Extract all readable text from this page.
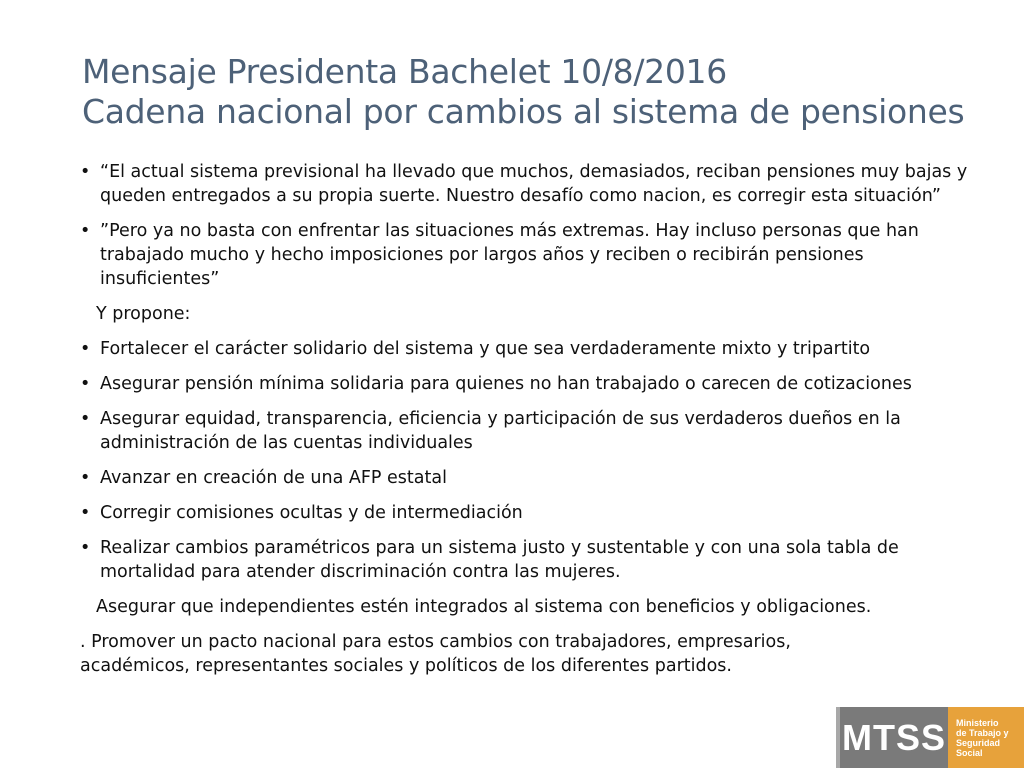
Mensaje Presidenta Bachelet 10/8/2016
Cadena nacional por cambios al sistema de pensiones
• “El actual sistema previsional ha llevado que muchos, demasiados, reciban pensiones muy bajas y queden entregados a su propia suerte. Nuestro desafío como nacion, es corregir esta situación”
• ”Pero ya no basta con enfrentar las situaciones más extremas. Hay incluso personas que han trabajado mucho y hecho imposiciones por largos años y reciben o recibirán pensiones insuficientes”
Y propone:
• Fortalecer el carácter solidario del sistema y que sea verdaderamente mixto y tripartito
• Asegurar pensión mínima solidaria para quienes no han trabajado o carecen de cotizaciones
• Asegurar equidad, transparencia, eficiencia y participación de sus verdaderos dueños en la administración de las cuentas individuales
• Avanzar en creación de una AFP estatal
• Corregir comisiones ocultas y de intermediación
• Realizar cambios paramétricos para un sistema justo y sustentable y con una sola tabla de mortalidad para atender discriminación contra las mujeres.
Asegurar que independientes estén integrados al sistema con beneficios y obligaciones.
. Promover un pacto nacional para estos cambios con trabajadores, empresarios, académicos, representantes sociales y políticos de los diferentes partidos.
MTSS Ministerio
de Trabajo y
Seguridad
Social
